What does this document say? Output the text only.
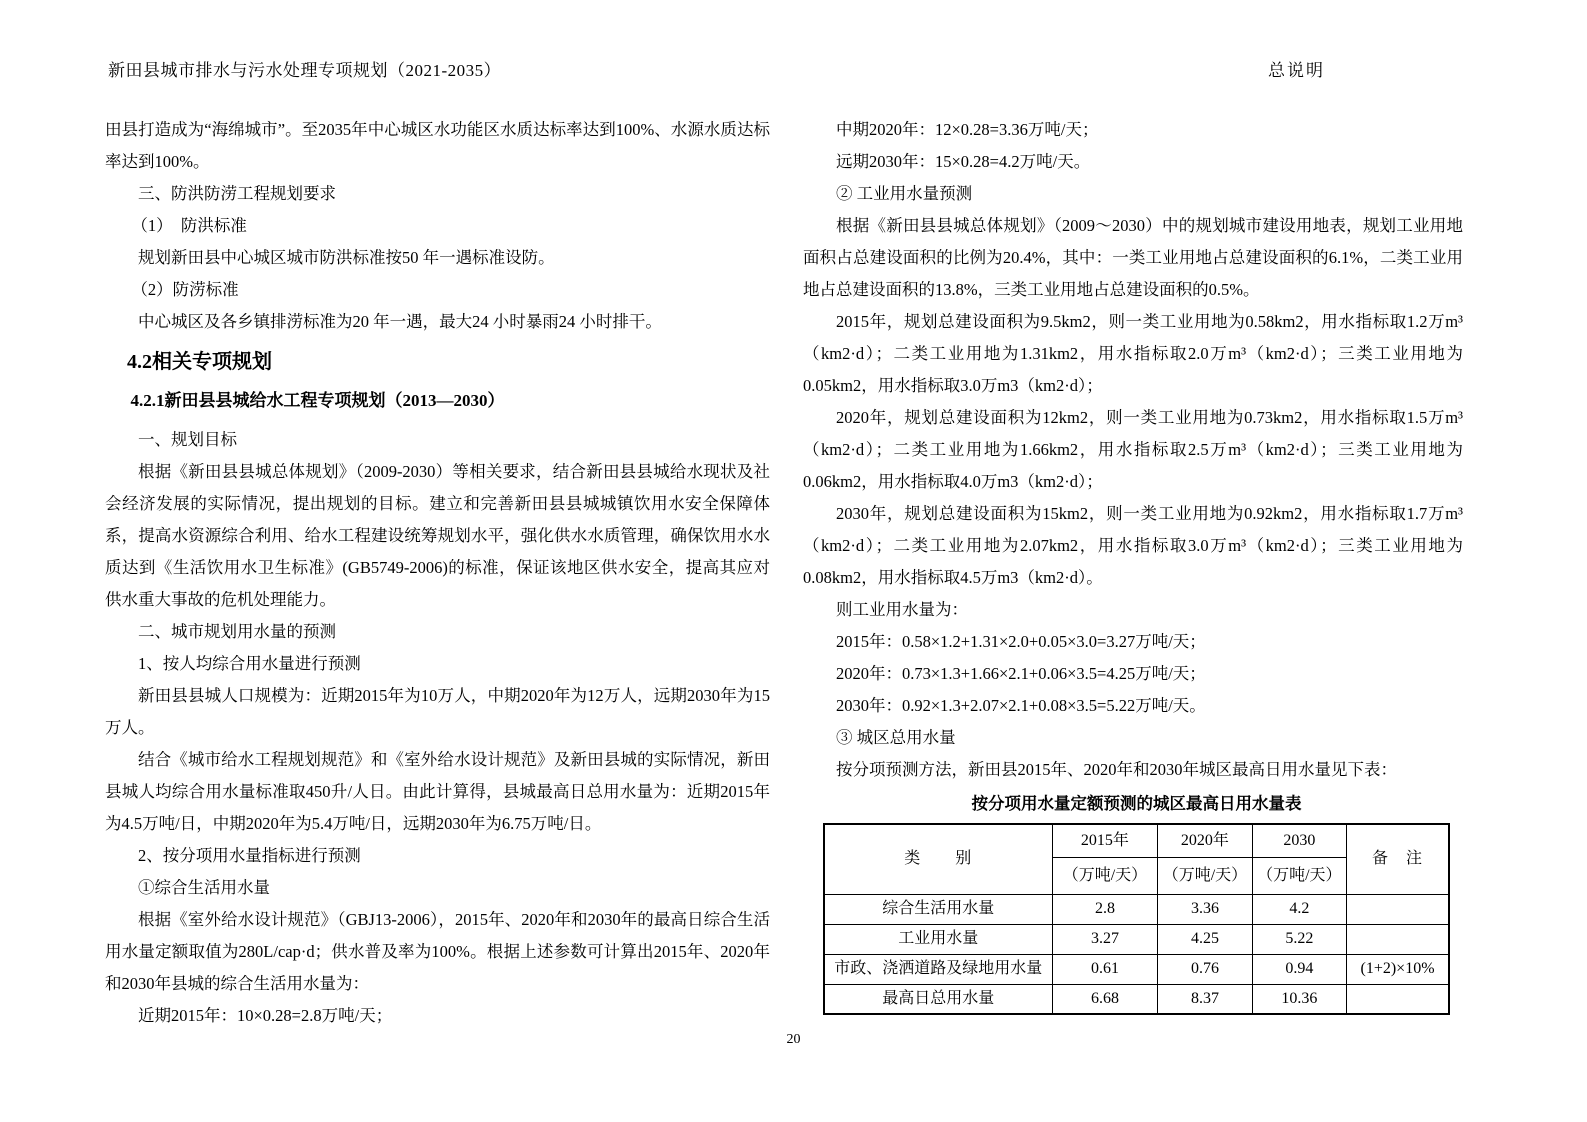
新田县城市排水与污水处理专项规划（2021-2035）	总说明

田县打造成为“海绵城市”。至2035年中心城区水功能区水质达标率达到100%、水源水质达标率达到100%。

三、防洪防涝工程规划要求

（1）　防洪标准

规划新田县中心城区城市防洪标准按50 年一遇标准设防。

（2）防涝标准

中心城区及各乡镇排涝标准为20 年一遇，最大24 小时暴雨24 小时排干。

4.2相关专项规划
4.2.1新田县县城给水工程专项规划（2013—2030）

一、规划目标

根据《新田县县城总体规划》（2009-2030）等相关要求，结合新田县县城给水现状及社会经济发展的实际情况，提出规划的目标。建立和完善新田县县城城镇饮用水安全保障体系，提高水资源综合利用、给水工程建设统筹规划水平，强化供水水质管理，确保饮用水水质达到《生活饮用水卫生标准》(GB5749-2006)的标准，保证该地区供水安全，提高其应对供水重大事故的危机处理能力。

二、城市规划用水量的预测

1、按人均综合用水量进行预测

新田县县城人口规模为：近期2015年为10万人，中期2020年为12万人，远期2030年为15万人。

结合《城市给水工程规划规范》和《室外给水设计规范》及新田县城的实际情况，新田县城人均综合用水量标准取450升/人日。由此计算得，县城最高日总用水量为：近期2015年为4.5万吨/日，中期2020年为5.4万吨/日，远期2030年为6.75万吨/日。

2、按分项用水量指标进行预测

①综合生活用水量

根据《室外给水设计规范》（GBJ13-2006），2015年、2020年和2030年的最高日综合生活用水量定额取值为280L/cap·d；供水普及率为100%。根据上述参数可计算出2015年、2020年和2030年县城的综合生活用水量为：

近期2015年：10×0.28=2.8万吨/天；

中期2020年：12×0.28=3.36万吨/天；

远期2030年：15×0.28=4.2万吨/天。

② 工业用水量预测

根据《新田县县城总体规划》（2009～2030）中的规划城市建设用地表，规划工业用地面积占总建设面积的比例为20.4%，其中：一类工业用地占总建设面积的6.1%，二类工业用地占总建设面积的13.8%，三类工业用地占总建设面积的0.5%。

2015年，规划总建设面积为9.5km2，则一类工业用地为0.58km2，用水指标取1.2万m³（km2·d）；二类工业用地为1.31km2，用水指标取2.0万m³（km2·d）；三类工业用地为0.05km2，用水指标取3.0万m3（km2·d）；

2020年，规划总建设面积为12km2，则一类工业用地为0.73km2，用水指标取1.5万m³（km2·d）；二类工业用地为1.66km2，用水指标取2.5万m³（km2·d）；三类工业用地为0.06km2，用水指标取4.0万m3（km2·d）；

2030年，规划总建设面积为15km2，则一类工业用地为0.92km2，用水指标取1.7万m³（km2·d）；二类工业用地为2.07km2，用水指标取3.0万m³（km2·d）；三类工业用地为0.08km2，用水指标取4.5万m3（km2·d）。

则工业用水量为：

2015年：0.58×1.2+1.31×2.0+0.05×3.0=3.27万吨/天；

2020年：0.73×1.3+1.66×2.1+0.06×3.5=4.25万吨/天；

2030年：0.92×1.3+2.07×2.1+0.08×3.5=5.22万吨/天。

③ 城区总用水量

按分项预测方法，新田县2015年、2020年和2030年城区最高日用水量见下表：

按分项用水量定额预测的城区最高日用水量表
类　　别	2015年	2020年	2030	备　注
	（万吨/天）	（万吨/天）	（万吨/天）	
综合生活用水量	2.8	3.36	4.2	
工业用水量	3.27	4.25	5.22	
市政、浇洒道路及绿地用水量	0.61	0.76	0.94	(1+2)×10%
最高日总用水量	6.68	8.37	10.36	
20
